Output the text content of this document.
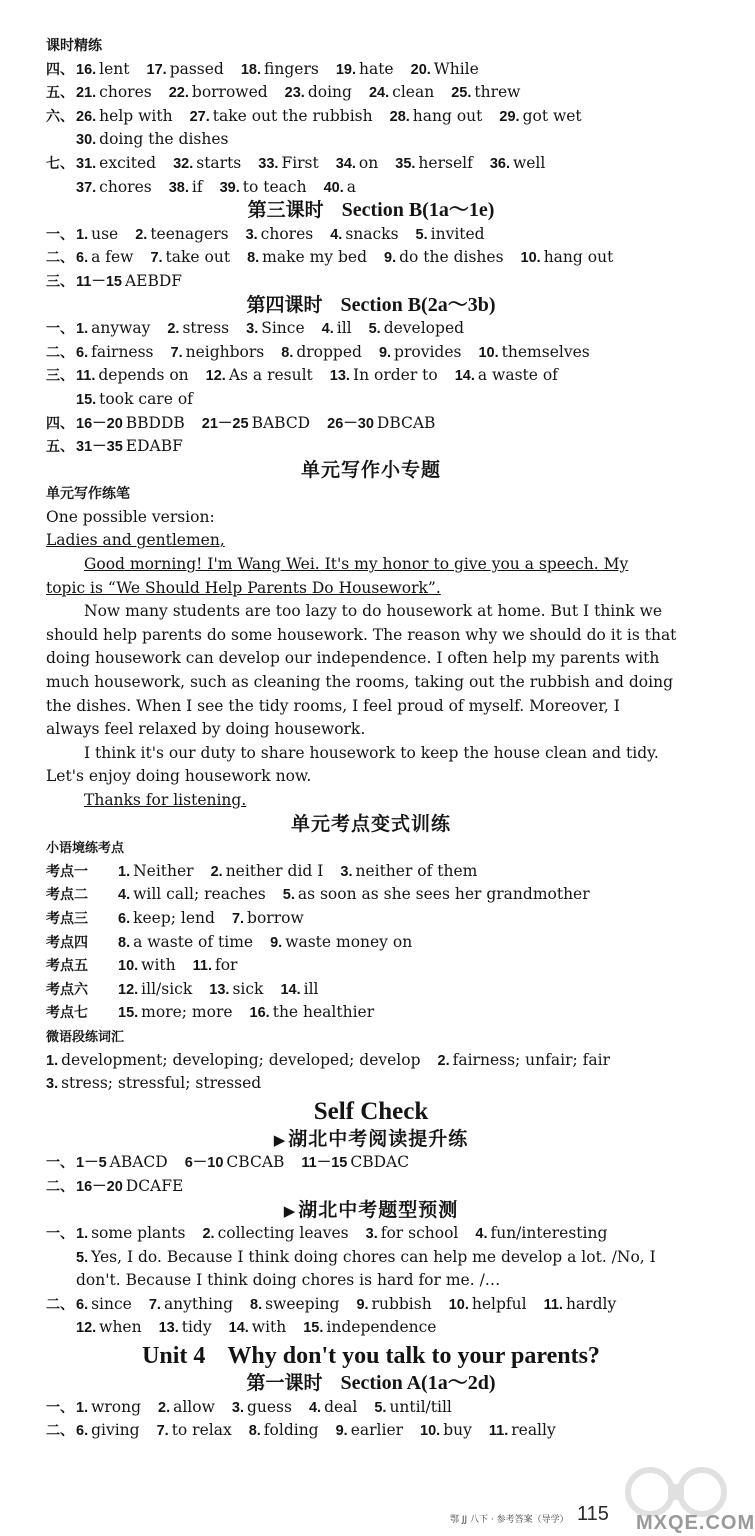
课时精练
四、 16. lent 17. passed 18. fingers 19. hate 20. While
五、 21. chores 22. borrowed 23. doing 24. clean 25. threw
六、 26. help with 27. take out the rubbish 28. hang out 29. got wet
30. doing the dishes
七、 31. excited 32. starts 33. First 34. on 35. herself 36. well
37. chores 38. if 39. to teach 40. a
第三课时 Section B(1a～1e)
一、 1. use 2. teenagers 3. chores 4. snacks 5. invited
二、 6. a few 7. take out 8. make my bed 9. do the dishes 10. hang out
三、 11－15 AEBDF
第四课时 Section B(2a～3b)
一、 1. anyway 2. stress 3. Since 4. ill 5. developed
二、 6. fairness 7. neighbors 8. dropped 9. provides 10. themselves
三、 11. depends on 12. As a result 13. In order to 14. a waste of
15. took care of
四、 16－20 BBDDB 21－25 BABCD 26－30 DBCAB
五、 31－35 EDABF
单元写作小专题
单元写作练笔
One possible version:
Ladies and gentlemen,
Good morning! I'm Wang Wei. It's my honor to give you a speech. My
topic is “We Should Help Parents Do Housework”.
Now many students are too lazy to do housework at home. But I think we
should help parents do some housework. The reason why we should do it is that
doing housework can develop our independence. I often help my parents with
much housework, such as cleaning the rooms, taking out the rubbish and doing
the dishes. When I see the tidy rooms, I feel proud of myself. Moreover, I
always feel relaxed by doing housework.
I think it's our duty to share housework to keep the house clean and tidy.
Let's enjoy doing housework now.
Thanks for listening.
单元考点变式训练
小语境练考点
考点一 1. Neither 2. neither did I 3. neither of them
考点二 4. will call; reaches 5. as soon as she sees her grandmother
考点三 6. keep; lend 7. borrow
考点四 8. a waste of time 9. waste money on
考点五 10. with 11. for
考点六 12. ill/sick 13. sick 14. ill
考点七 15. more; more 16. the healthier
微语段练词汇
1. development; developing; developed; develop 2. fairness; unfair; fair
3. stress; stressful; stressed
Self Check
▶ 湖北中考阅读提升练
一、 1－5 ABACD 6－10 CBCAB 11－15 CBDAC
二、 16－20 DCAFE
▶ 湖北中考题型预测
一、 1. some plants 2. collecting leaves 3. for school 4. fun/interesting
5. Yes, I do. Because I think doing chores can help me develop a lot. /No, I
don't. Because I think doing chores is hard for me. /…
二、 6. since 7. anything 8. sweeping 9. rubbish 10. helpful 11. hardly
12. when 13. tidy 14. with 15. independence
Unit 4 Why don't you talk to your parents?
第一课时 Section A(1a～2d)
一、 1. wrong 2. allow 3. guess 4. deal 5. until/till
二、 6. giving 7. to relax 8. folding 9. earlier 10. buy 11. really
MXQE.COM
鄂 JJ 八下 · 参考答案（导学） 115
